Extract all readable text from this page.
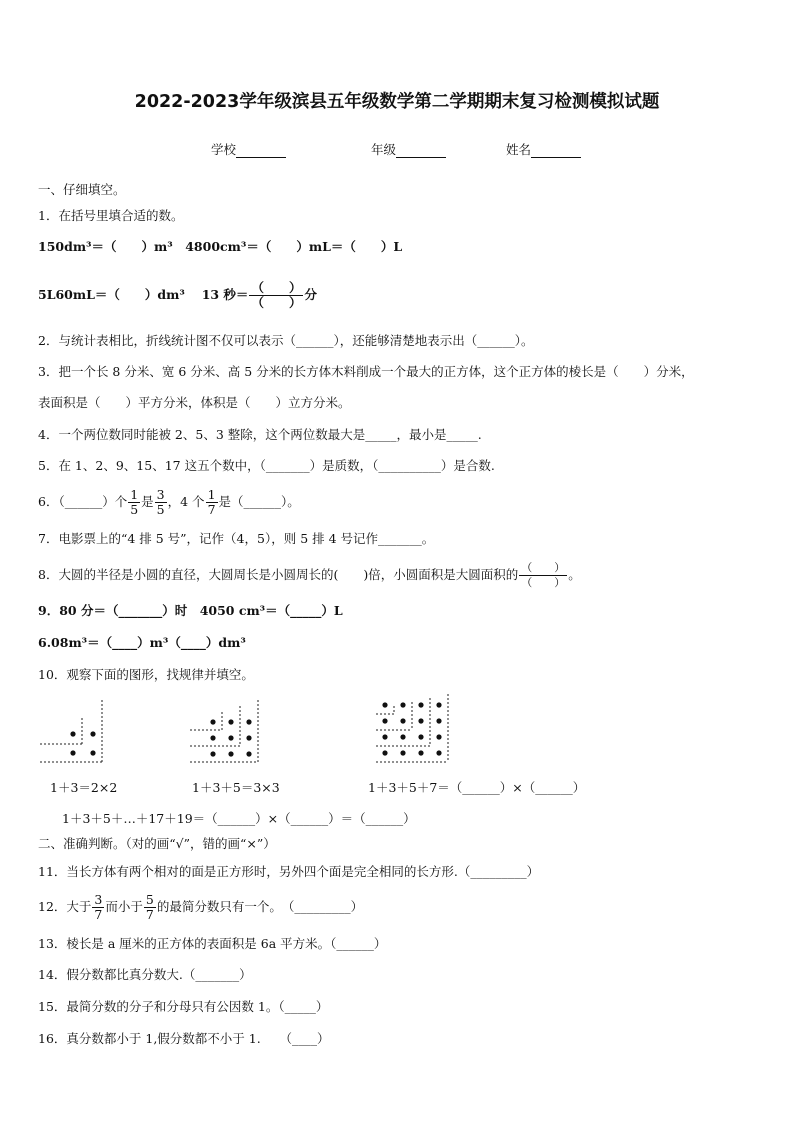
2022-2023学年级滨县五年级数学第二学期期末复习检测模拟试题
学校	年级	姓名
一、仔细填空。
1．在括号里填合适的数。
150dm³＝（　　）m³　4800cm³＝（　　）mL＝（　　）L
5L60mL＝（　　）dm³　 13 秒＝ $\frac{( )}{( )}$ 分
2．与统计表相比，折线统计图不仅可以表示（______），还能够清楚地表示出（______）。
3．把一个长 8 分米、宽 6 分米、高 5 分米的长方体木料削成一个最大的正方体，这个正方体的棱长是（　　）分米，
表面积是（　　）平方分米，体积是（　　）立方分米。
4．一个两位数同时能被 2、5、3 整除，这个两位数最大是_____，最小是_____.
5．在 1、2、9、15、17 这五个数中，（_______）是质数，（__________）是合数.
6．（______）个 $\frac{1}{5}$ 是 $\frac{3}{5}$ ，4 个 $\frac{1}{7}$ 是（______）。
7．电影票上的“4 排 5 号”，记作（4，5），则 5 排 4 号记作_______。
8．大圆的半径是小圆的直径，大圆周长是小圆周长的(　　)倍，小圆面积是大圆面积的 $\frac{( )}{( )}$ 。
9．80 分＝（_______）时　4050 cm³＝（_____）L
6.08m³＝（____）m³（____）dm³
10．观察下面的图形，找规律并填空。
1＋3＝2×2	1＋3＋5＝3×3	1＋3＋5＋7＝（______）×（______）
1＋3＋5＋…＋17＋19＝（______）×（______）＝（______）
二、准确判断。（对的画“√”，错的画“×”）
11．当长方体有两个相对的面是正方形时，另外四个面是完全相同的长方形.（_________）
12．大于 $\frac{3}{7}$ 而小于 $\frac{5}{7}$ 的最简分数只有一个。　（_________）
13．棱长是 a 厘米的正方体的表面积是 6a 平方米。（______）
14．假分数都比真分数大.（_______）
15．最简分数的分子和分母只有公因数 1。（_____）
16．真分数都小于 1,假分数都不小于 1.　　（____）
